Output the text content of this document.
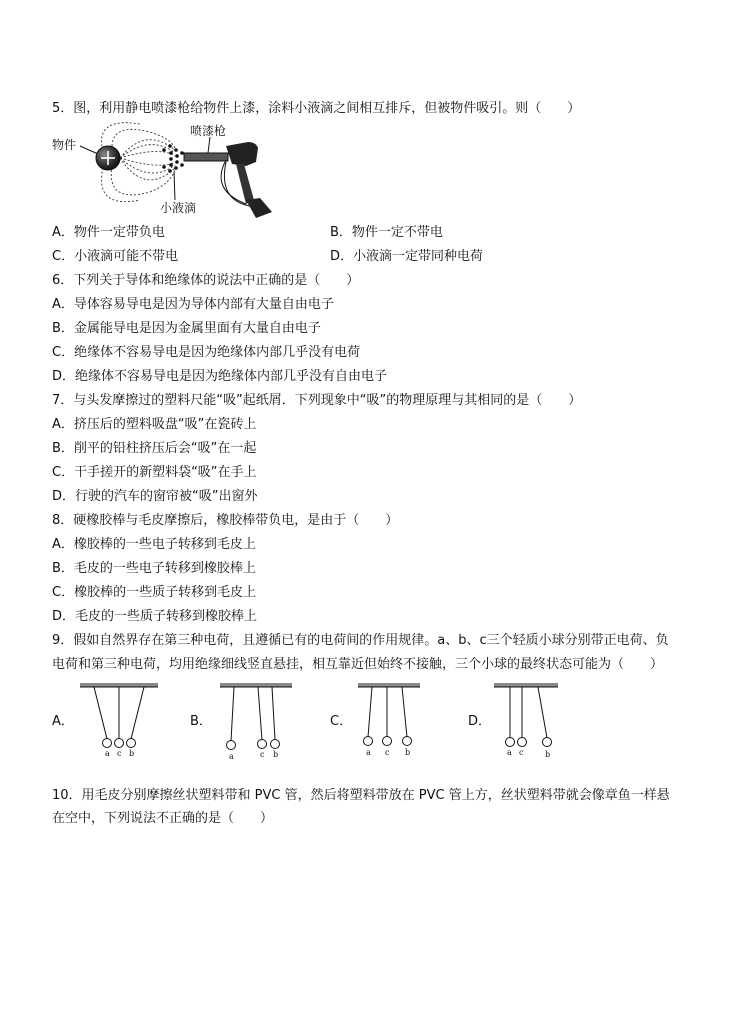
5．图，利用静电喷漆枪给物件上漆，涂料小液滴之间相互排斥，但被物件吸引。则（　　）
物件
喷漆枪
小液滴
A．物件一定带负电	B．物件一定不带电
C．小液滴可能不带电	D．小液滴一定带同种电荷
6．下列关于导体和绝缘体的说法中正确的是（　　）
A．导体容易导电是因为导体内部有大量自由电子
B．金属能导电是因为金属里面有大量自由电子
C．绝缘体不容易导电是因为绝缘体内部几乎没有电荷
D．绝缘体不容易导电是因为绝缘体内部几乎没有自由电子
7．与头发摩擦过的塑料尺能“吸”起纸屑．下列现象中“吸”的物理原理与其相同的是（　　）
A．挤压后的塑料吸盘“吸”在瓷砖上
B．削平的铅柱挤压后会“吸”在一起
C．干手搓开的新塑料袋“吸”在手上
D．行驶的汽车的窗帘被“吸”出窗外
8．硬橡胶棒与毛皮摩擦后，橡胶棒带负电，是由于（　　）
A．橡胶棒的一些电子转移到毛皮上
B．毛皮的一些电子转移到橡胶棒上
C．橡胶棒的一些质子转移到毛皮上
D．毛皮的一些质子转移到橡胶棒上
9．假如自然界存在第三种电荷，且遵循已有的电荷间的作用规律。a、b、c三个轻质小球分别带正电荷、负
电荷和第三种电荷，均用绝缘细线竖直悬挂，相互靠近但始终不接触，三个小球的最终状态可能为（　　）
A．	B．	C．	D．
a c b	a	c b	a c b	a c	b
10．用毛皮分别摩擦丝状塑料带和 PVC 管，然后将塑料带放在 PVC 管上方，丝状塑料带就会像章鱼一样悬
在空中，下列说法不正确的是（　　）
